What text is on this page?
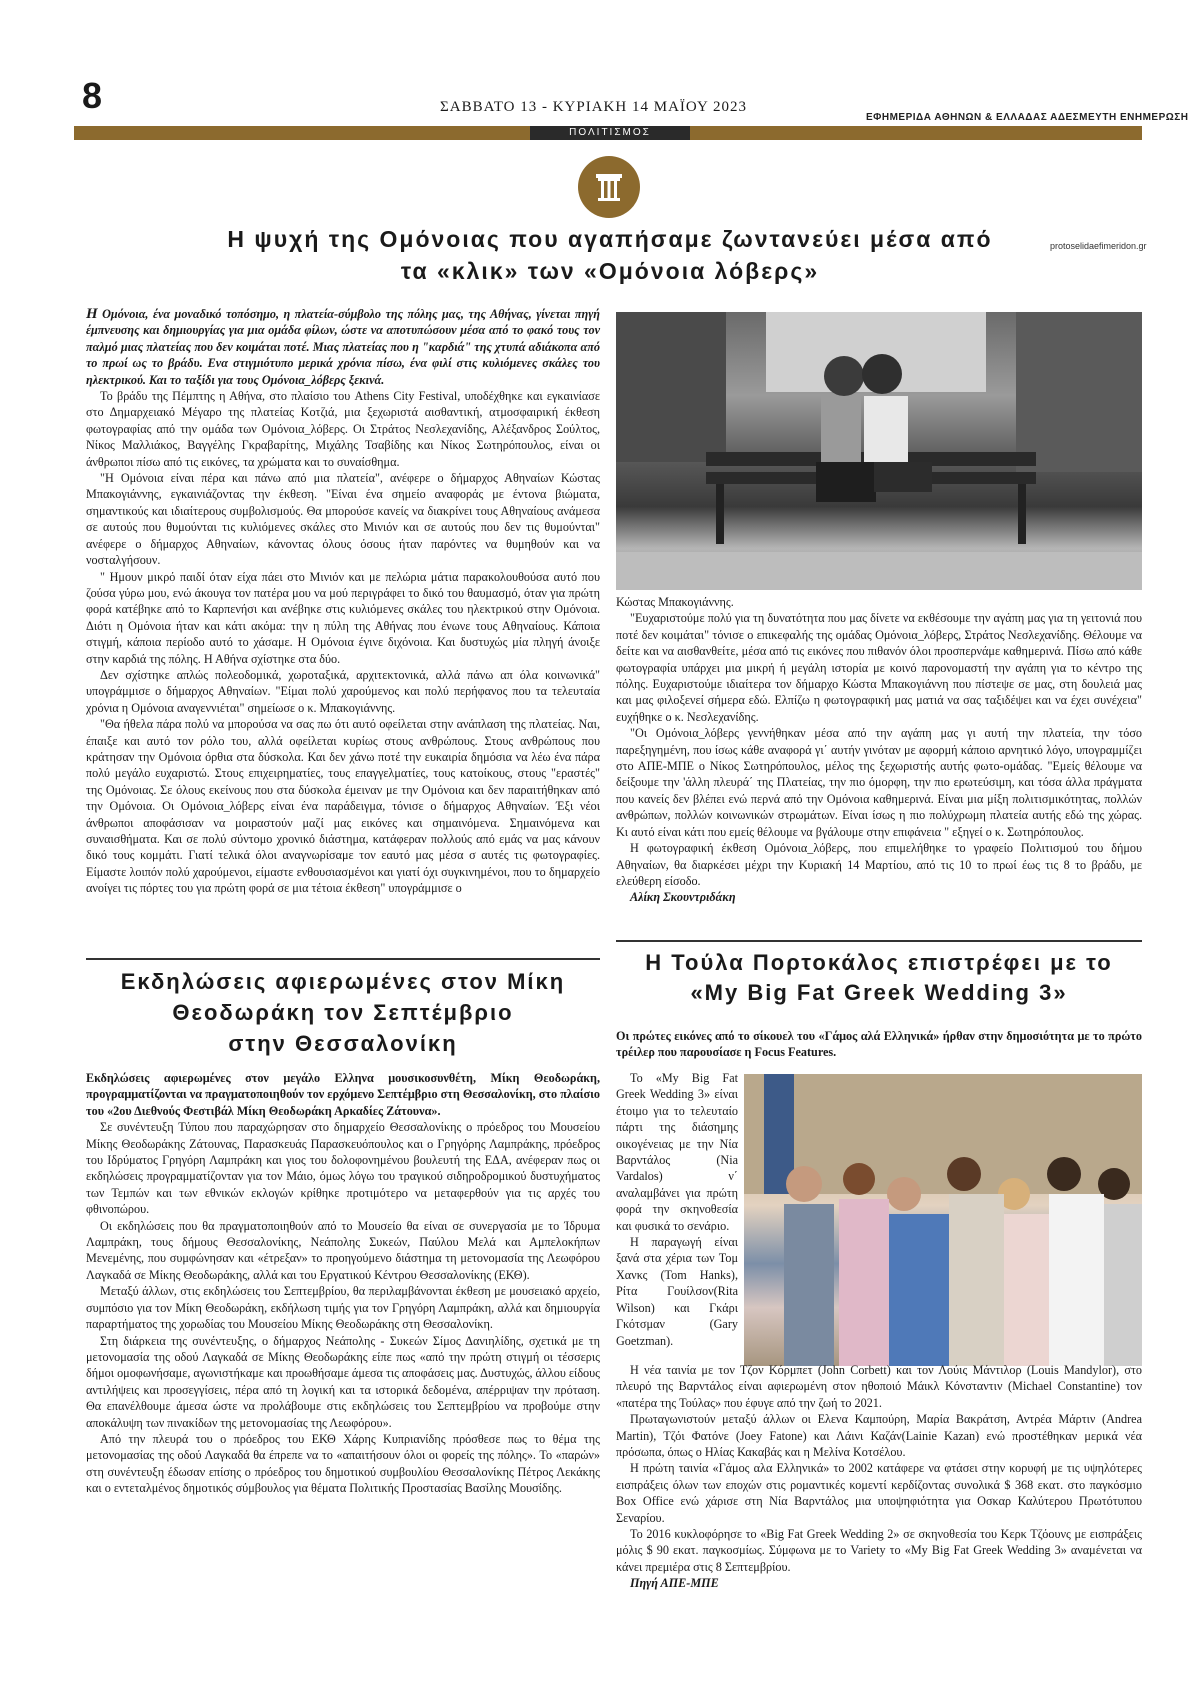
8	ΣΑΒΒΑΤΟ 13 - ΚΥΡΙΑΚΗ 14 ΜΑΪΟΥ 2023
ΕΦΗΜΕΡΙΔΑ ΑΘΗΝΩΝ & ΕΛΛΑΔΑΣ ΑΔΕΣΜΕΥΤΗ ΕΝΗΜΕΡΩΣΗ
ΠΟΛΙΤΙΣΜΟΣ
Η ψυχή της Ομόνοιας που αγαπήσαμε ζωντανεύει μέσα από
τα «κλικ» των «Ομόνοια λόβερς»
protoselidaefimeridon.gr

Η Ομόνοια, ένα μοναδικό τοπόσημο, η πλατεία-σύμβολο της πόλης μας, της Αθήνας, γίνεται πηγή έμπνευσης και δημιουργίας για μια ομάδα φίλων, ώστε να αποτυπώσουν μέσα από το φακό τους τον παλμό μιας πλατείας που δεν κοιμάται ποτέ. Μιας πλατείας που η "καρδιά" της χτυπά αδιάκοπα από το πρωί ως το βράδυ. Ενα στιγμιότυπο μερικά χρόνια πίσω, ένα φιλί στις κυλιόμενες σκάλες του ηλεκτρικού. Και το ταξίδι για τους Ομόνοια_λόβερς ξεκινά.

Το βράδυ της Πέμπτης η Αθήνα, στο πλαίσιο του Athens City Festival, υποδέχθηκε και εγκαινίασε στο Δημαρχειακό Μέγαρο της πλατείας Κοτζιά, μια ξεχωριστά αισθαντική, ατμοσφαιρική έκθεση φωτογραφίας από την ομάδα των Ομόνοια_λόβερς. Οι Στράτος Νεσλεχανίδης, Αλέξανδρος Σούλτος, Νίκος Μαλλιάκος, Βαγγέλης Γκραβαρίτης, Μιχάλης Τσαβίδης και Νίκος Σωτηρόπουλος, είναι οι άνθρωποι πίσω από τις εικόνες, τα χρώματα και το συναίσθημα.

"Η Ομόνοια είναι πέρα και πάνω από μια πλατεία", ανέφερε ο δήμαρχος Αθηναίων Κώστας Μπακογιάννης, εγκαινιάζοντας την έκθεση. "Είναι ένα σημείο αναφοράς με έντονα βιώματα, σημαντικούς και ιδιαίτερους συμβολισμούς. Θα μπορούσε κανείς να διακρίνει τους Αθηναίους ανάμεσα σε αυτούς που θυμούνται τις κυλιόμενες σκάλες στο Μινιόν και σε αυτούς που δεν τις θυμούνται" ανέφερε ο δήμαρχος Αθηναίων, κάνοντας όλους όσους ήταν παρόντες να θυμηθούν και να νοσταλγήσουν.

" Ημουν μικρό παιδί όταν είχα πάει στο Μινιόν και με πελώρια μάτια παρακολουθούσα αυτό που ζούσα γύρω μου, ενώ άκουγα τον πατέρα μου να μού περιγράφει το δικό του θαυμασμό, όταν για πρώτη φορά κατέβηκε από το Καρπενήσι και ανέβηκε στις κυλιόμενες σκάλες του ηλεκτρικού στην Ομόνοια. Διότι η Ομόνοια ήταν και κάτι ακόμα: την η πύλη της Αθήνας που ένωνε τους Αθηναίους. Κάποια στιγμή, κάποια περίοδο αυτό το χάσαμε. Η Ομόνοια έγινε διχόνοια. Και δυστυχώς μία πληγή άνοιξε στην καρδιά της πόλης. Η Αθήνα σχίστηκε στα δύο.

Δεν σχίστηκε απλώς πολεοδομικά, χωροταξικά, αρχιτεκτονικά, αλλά πάνω απ όλα κοινωνικά" υπογράμμισε ο δήμαρχος Αθηναίων. "Είμαι πολύ χαρούμενος και πολύ περήφανος που τα τελευταία χρόνια η Ομόνοια αναγεννιέται" σημείωσε ο κ. Μπακογιάννης.

"Θα ήθελα πάρα πολύ να μπορούσα να σας πω ότι αυτό οφείλεται στην ανάπλαση της πλατείας. Ναι, έπαιξε και αυτό τον ρόλο του, αλλά οφείλεται κυρίως στους ανθρώπους. Στους ανθρώπους που κράτησαν την Ομόνοια όρθια στα δύσκολα. Και δεν χάνω ποτέ την ευκαιρία δημόσια να λέω ένα πάρα πολύ μεγάλο ευχαριστώ. Στους επιχειρηματίες, τους επαγγελματίες, τους κατοίκους, στους "εραστές" της Ομόνοιας. Σε όλους εκείνους που στα δύσκολα έμειναν με την Ομόνοια και δεν παραιτήθηκαν από την Ομόνοια. Οι Ομόνοια_λόβερς είναι ένα παράδειγμα, τόνισε ο δήμαρχος Αθηναίων. Έξι νέοι άνθρωποι αποφάσισαν να μοιραστούν μαζί μας εικόνες και σημαινόμενα. Σημαινόμενα και συναισθήματα. Και σε πολύ σύντομο χρονικό διάστημα, κατάφεραν πολλούς από εμάς να μας κάνουν δικό τους κομμάτι. Γιατί τελικά όλοι αναγνωρίσαμε τον εαυτό μας μέσα σ αυτές τις φωτογραφίες. Είμαστε λοιπόν πολύ χαρούμενοι, είμαστε ενθουσιασμένοι και γιατί όχι συγκινημένοι, που το δημαρχείο ανοίγει τις πόρτες του για πρώτη φορά σε μια τέτοια έκθεση" υπογράμμισε ο

Κώστας Μπακογιάννης.

"Ευχαριστούμε πολύ για τη δυνατότητα που μας δίνετε να εκθέσουμε την αγάπη μας για τη γειτονιά που ποτέ δεν κοιμάται" τόνισε ο επικεφαλής της ομάδας Ομόνοια_λόβερς, Στράτος Νεσλεχανίδης. Θέλουμε να δείτε και να αισθανθείτε, μέσα από τις εικόνες που πιθανόν όλοι προσπερνάμε καθημερινά. Πίσω από κάθε φωτογραφία υπάρχει μια μικρή ή μεγάλη ιστορία με κοινό παρονομαστή την αγάπη για το κέντρο της πόλης. Ευχαριστούμε ιδιαίτερα τον δήμαρχο Κώστα Μπακογιάννη που πίστεψε σε μας, στη δουλειά μας και μας φιλοξενεί σήμερα εδώ. Ελπίζω η φωτογραφική μας ματιά να σας ταξιδέψει και να έχει συνέχεια" ευχήθηκε ο κ. Νεσλεχανίδης.

"Οι Ομόνοια_λόβερς γεννήθηκαν μέσα από την αγάπη μας γι αυτή την πλατεία, την τόσο παρεξηγημένη, που ίσως κάθε αναφορά γι΄ αυτήν γινόταν με αφορμή κάποιο αρνητικό λόγο, υπογραμμίζει στο ΑΠΕ-ΜΠΕ ο Νίκος Σωτηρόπουλος, μέλος της ξεχωριστής αυτής φωτο-ομάδας. "Εμείς θέλουμε να δείξουμε την 'άλλη πλευρά΄ της Πλατείας, την πιο όμορφη, την πιο ερωτεύσιμη, και τόσα άλλα πράγματα που κανείς δεν βλέπει ενώ περνά από την Ομόνοια καθημερινά. Είναι μια μίξη πολιτισμικότητας, πολλών ανθρώπων, πολλών κοινωνικών στρωμάτων. Είναι ίσως η πιο πολύχρωμη πλατεία αυτής εδώ της χώρας. Κι αυτό είναι κάτι που εμείς θέλουμε να βγάλουμε στην επιφάνεια " εξηγεί ο κ. Σωτηρόπουλος.

Η φωτογραφική έκθεση Ομόνοια_λόβερς, που επιμελήθηκε το γραφείο Πολιτισμού του δήμου Αθηναίων, θα διαρκέσει μέχρι την Κυριακή 14 Μαρτίου, από τις 10 το πρωί έως τις 8 το βράδυ, με ελεύθερη είσοδο.

Αλίκη Σκουντριδάκη

Εκδηλώσεις αφιερωμένες στον Μίκη
Θεοδωράκη τον Σεπτέμβριο
στην Θεσσαλονίκη

Εκδηλώσεις αφιερωμένες στον μεγάλο Ελληνα μουσικοσυνθέτη, Μίκη Θεοδωράκη, προγραμματίζονται να πραγματοποιηθούν τον ερχόμενο Σεπτέμβριο στη Θεσσαλονίκη, στο πλαίσιο του «2ου Διεθνούς Φεστιβάλ Μίκη Θεοδωράκη Αρκαδίες Ζάτουνα».

Σε συνέντευξη Τύπου που παραχώρησαν στο δημαρχείο Θεσσαλονίκης ο πρόεδρος του Μουσείου Μίκης Θεοδωράκης Ζάτουνας, Παρασκευάς Παρασκευόπουλος και ο Γρηγόρης Λαμπράκης, πρόεδρος του Ιδρύματος Γρηγόρη Λαμπράκη και γιος του δολοφονημένου βουλευτή της ΕΔΑ, ανέφεραν πως οι εκδηλώσεις προγραμματίζονταν για τον Μάιο, όμως λόγω του τραγικού σιδηροδρομικού δυστυχήματος των Τεμπών και των εθνικών εκλογών κρίθηκε προτιμότερο να μεταφερθούν για τις αρχές του φθινοπώρου.

Οι εκδηλώσεις που θα πραγματοποιηθούν από το Μουσείο θα είναι σε συνεργασία με το Ίδρυμα Λαμπράκη, τους δήμους Θεσσαλονίκης, Νεάπολης Συκεών, Παύλου Μελά και Αμπελοκήπων Μενεμένης, που συμφώνησαν και «έτρεξαν» το προηγούμενο διάστημα τη μετονομασία της Λεωφόρου Λαγκαδά σε Μίκης Θεοδωράκης, αλλά και του Εργατικού Κέντρου Θεσσαλονίκης (ΕΚΘ).

Μεταξύ άλλων, στις εκδηλώσεις του Σεπτεμβρίου, θα περιλαμβάνονται έκθεση με μουσειακό αρχείο, συμπόσιο για τον Μίκη Θεοδωράκη, εκδήλωση τιμής για τον Γρηγόρη Λαμπράκη, αλλά και δημιουργία παραρτήματος της χορωδίας του Μουσείου Μίκης Θεοδωράκης στη Θεσσαλονίκη.

Στη διάρκεια της συνέντευξης, ο δήμαρχος Νεάπολης - Συκεών Σίμος Δανιηλίδης, σχετικά με τη μετονομασία της οδού Λαγκαδά σε Μίκης Θεοδωράκης είπε πως «από την πρώτη στιγμή οι τέσσερις δήμοι ομοφωνήσαμε, αγωνιστήκαμε και προωθήσαμε άμεσα τις αποφάσεις μας. Δυστυχώς, άλλου είδους αντιλήψεις και προσεγγίσεις, πέρα από τη λογική και τα ιστορικά δεδομένα, απέρριψαν την πρόταση. Θα επανέλθουμε άμεσα ώστε να προλάβουμε στις εκδηλώσεις του Σεπτεμβρίου να προβούμε στην αποκάλυψη των πινακίδων της μετονομασίας της Λεωφόρου».

Από την πλευρά του ο πρόεδρος του ΕΚΘ Χάρης Κυπριανίδης πρόσθεσε πως το θέμα της μετονομασίας της οδού Λαγκαδά θα έπρεπε να το «απαιτήσουν όλοι οι φορείς της πόλης». Το «παρών» στη συνέντευξη έδωσαν επίσης ο πρόεδρος του δημοτικού συμβουλίου Θεσσαλονίκης Πέτρος Λεκάκης και ο εντεταλμένος δημοτικός σύμβουλος για θέματα Πολιτικής Προστασίας Βασίλης Μουσίδης.

Η Τούλα Πορτοκάλος επιστρέφει με το
«My Big Fat Greek Wedding 3»
Οι πρώτες εικόνες από το σίκουελ του «Γάμος αλά Ελληνικά» ήρθαν στην δημοσιότητα με το πρώτο τρέιλερ που παρουσίασε η Focus Features.

Το «My Big Fat Greek Wedding 3» είναι έτοιμο για το τελευταίο πάρτι της διάσημης οικογένειας με την Νία Βαρντάλος (Nia Vardalos) ν΄ αναλαμβάνει για πρώτη φορά την σκηνοθεσία και φυσικά το σενάριο.

Η παραγωγή είναι ξανά στα χέρια των Τομ Χανκς (Tom Hanks), Ρίτα Γουίλσον(Rita Wilson) και Γκάρι Γκότσμαν (Gary Goetzman).

Η νέα ταινία με τον Τζον Κόρμπετ (John Corbett) και τον Λούις Μάντιλορ (Louis Mandylor), στο πλευρό της Βαρντάλος είναι αφιερωμένη στον ηθοποιό Μάικλ Κόνσταντιν (Michael Constantine) τον «πατέρα της Τούλας» που έφυγε από την ζωή το 2021.

Πρωταγωνιστούν μεταξύ άλλων οι Ελενα Καμπούρη, Μαρία Βακράτση, Αντρέα Μάρτιν (Andrea Martin), Τζόι Φατόνε (Joey Fatone) και Λάινι Καζάν(Lainie Kazan) ενώ προστέθηκαν μερικά νέα πρόσωπα, όπως ο Ηλίας Κακαβάς και η Μελίνα Κοτσέλου.

Η πρώτη ταινία «Γάμος αλα Ελληνικά» το 2002 κατάφερε να φτάσει στην κορυφή με τις υψηλότερες εισπράξεις όλων των εποχών στις ρομαντικές κομεντί κερδίζοντας συνολικά $ 368 εκατ. στο παγκόσμιο Box Office ενώ χάρισε στη Νία Βαρντάλος μια υποψηφιότητα για Οσκαρ Καλύτερου Πρωτότυπου Σεναρίου.

Το 2016 κυκλοφόρησε το «Big Fat Greek Wedding 2» σε σκηνοθεσία του Κερκ Τζόουνς με εισπράξεις μόλις $ 90 εκατ. παγκοσμίως. Σύμφωνα με το Variety το «My Big Fat Greek Wedding 3» αναμένεται να κάνει πρεμιέρα στις 8 Σεπτεμβρίου.

Πηγή ΑΠΕ-ΜΠΕ
